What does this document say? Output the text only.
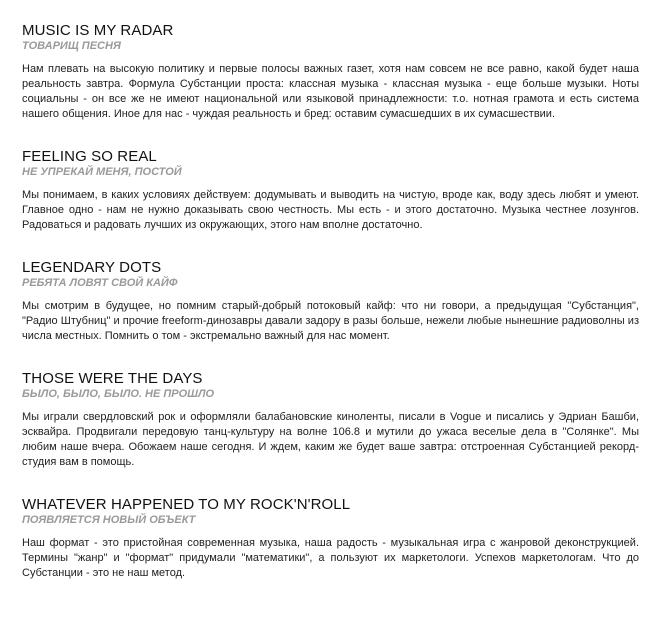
MUSIC IS MY RADAR
ТОВАРИЩ ПЕСНЯ

Нам плевать на высокую политику и первые полосы важных газет, хотя нам совсем не все равно, какой будет наша реальность завтра. Формула Субстанции проста: классная музыка - классная музыка - еще больше музыки. Ноты социальны - он все же не имеют национальной или языковой принадлежности: т.о. нотная грамота и есть система нашего общения. Иное для нас - чуждая реальность и бред: оставим сумасшедших в их сумасшествии.

FEELING SO REAL
НЕ УПРЕКАЙ МЕНЯ, ПОСТОЙ

Мы понимаем, в каких условиях действуем: додумывать и выводить на чистую, вроде как, воду здесь любят и умеют. Главное одно - нам не нужно доказывать свою честность. Мы есть - и этого достаточно. Музыка честнее лозунгов. Радоваться и радовать лучших из окружающих, этого нам вполне достаточно.

LEGENDARY DOTS
РЕБЯТА ЛОВЯТ СВОЙ КАЙФ

Мы смотрим в будущее, но помним старый-добрый потоковый кайф: что ни говори, а предыдущая "Субстанция", "Радио Штубниц" и прочие freeform-динозавры давали задору в разы больше, нежели любые нынешние радиоволны из числа местных. Помнить о том - экстремально важный для нас момент.

THOSE WERE THE DAYS
БЫЛО, БЫЛО, БЫЛО. НЕ ПРОШЛО

Мы играли свердловский рок и оформляли балабановские киноленты, писали в Vogue и писались у Эдриан Башби, эсквайра. Продвигали передовую танц-культуру на волне 106.8 и мутили до ужаса веселые дела в "Солянке". Мы любим наше вчера. Обожаем наше сегодня. И ждем, каким же будет ваше завтра: отстроенная Субстанцией рекорд-студия вам в помощь.

WHATEVER HAPPENED TO MY ROCK'N'ROLL
ПОЯВЛЯЕТСЯ НОВЫЙ ОБЪЕКТ

Наш формат - это пристойная современная музыка, наша радость - музыкальная игра с жанровой деконструкцией. Термины "жанр" и "формат" придумали "математики", а пользуют их маркетологи. Успехов маркетологам. Что до Субстанции - это не наш метод.
